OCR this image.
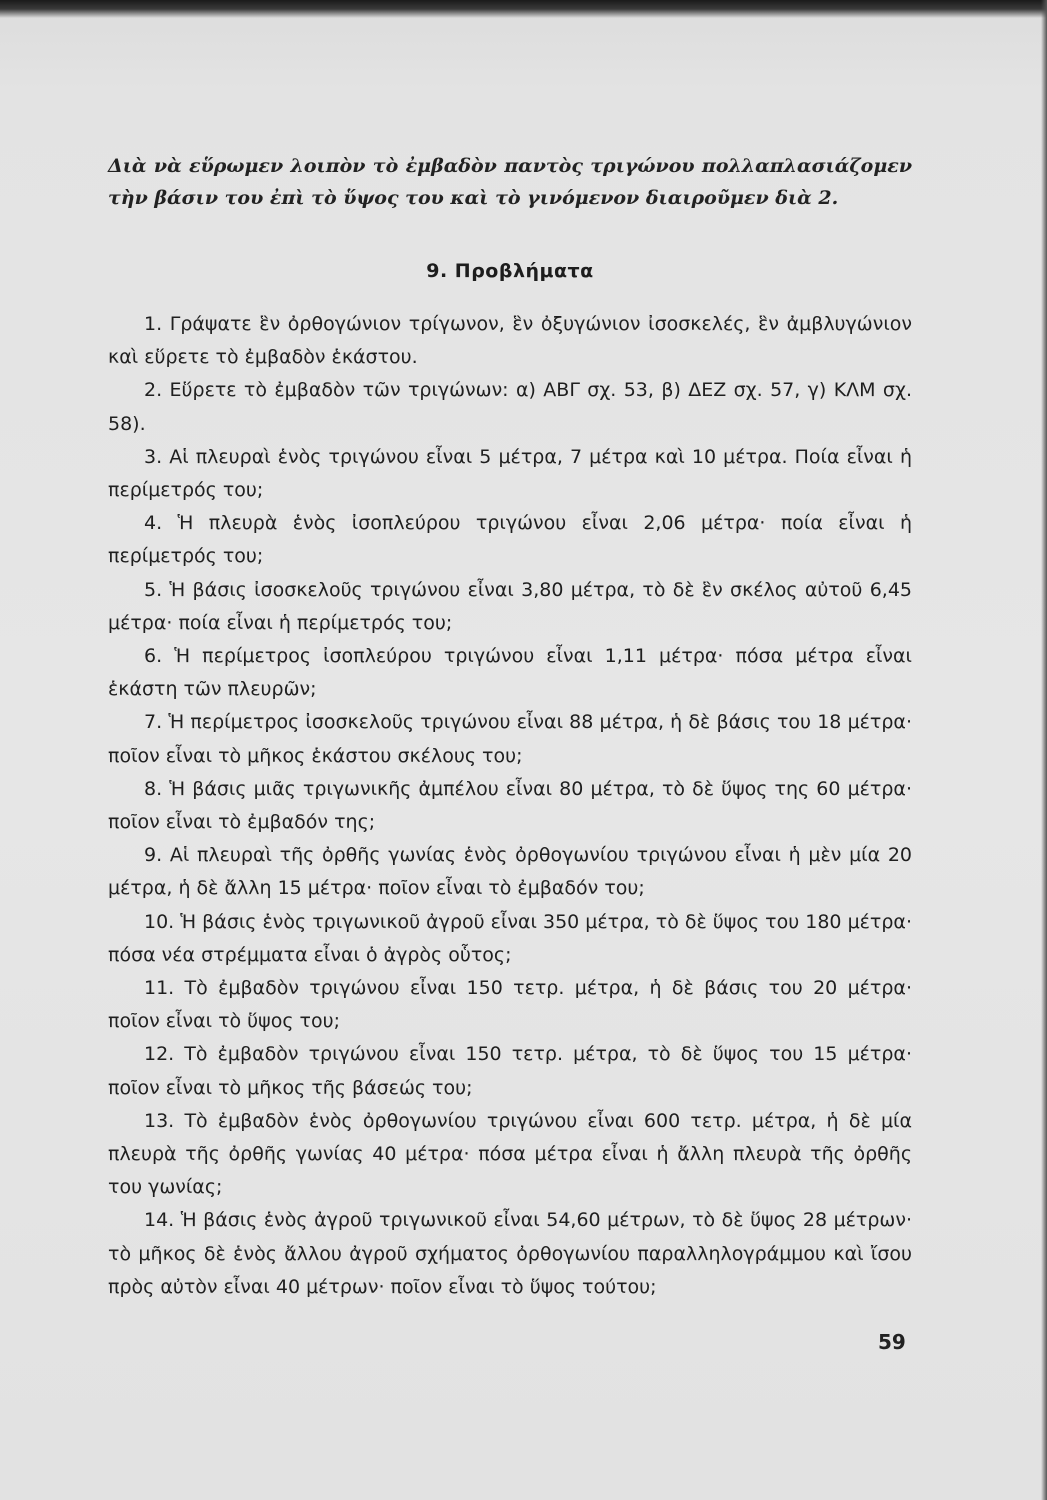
Διὰ νὰ εὕρωμεν λοιπὸν τὸ ἐμβαδὸν παντὸς τριγώνου πολλαπλασιάζομεν τὴν βάσιν του ἐπὶ τὸ ὕψος του καὶ τὸ γινόμενον διαιροῦμεν διὰ 2.

9. Προβλήματα

1. Γράψατε ἓν ὀρθογώνιον τρίγωνον, ἓν ὀξυγώνιον ἰσοσκελές, ἓν ἀμβλυγώνιον καὶ εὕρετε τὸ ἐμβαδὸν ἑκάστου.

2. Εὕρετε τὸ ἐμβαδὸν τῶν τριγώνων: α) ΑΒΓ σχ. 53, β) ΔΕΖ σχ. 57, γ) ΚΛΜ σχ. 58).

3. Αἱ πλευραὶ ἑνὸς τριγώνου εἶναι 5 μέτρα, 7 μέτρα καὶ 10 μέτρα. Ποία εἶναι ἡ περίμετρός του;

4. Ἡ πλευρὰ ἑνὸς ἰσοπλεύρου τριγώνου εἶναι 2,06 μέτρα· ποία εἶναι ἡ περίμετρός του;

5. Ἡ βάσις ἰσοσκελοῦς τριγώνου εἶναι 3,80 μέτρα, τὸ δὲ ἓν σκέλος αὐτοῦ 6,45 μέτρα· ποία εἶναι ἡ περίμετρός του;

6. Ἡ περίμετρος ἰσοπλεύρου τριγώνου εἶναι 1,11 μέτρα· πόσα μέτρα εἶναι ἑκάστη τῶν πλευρῶν;

7. Ἡ περίμετρος ἰσοσκελοῦς τριγώνου εἶναι 88 μέτρα, ἡ δὲ βάσις του 18 μέτρα· ποῖον εἶναι τὸ μῆκος ἑκάστου σκέλους του;

8. Ἡ βάσις μιᾶς τριγωνικῆς ἀμπέλου εἶναι 80 μέτρα, τὸ δὲ ὕψος της 60 μέτρα· ποῖον εἶναι τὸ ἐμβαδόν της;

9. Αἱ πλευραὶ τῆς ὀρθῆς γωνίας ἑνὸς ὀρθογωνίου τριγώνου εἶναι ἡ μὲν μία 20 μέτρα, ἡ δὲ ἄλλη 15 μέτρα· ποῖον εἶναι τὸ ἐμβαδόν του;

10. Ἡ βάσις ἑνὸς τριγωνικοῦ ἀγροῦ εἶναι 350 μέτρα, τὸ δὲ ὕψος του 180 μέτρα· πόσα νέα στρέμματα εἶναι ὁ ἀγρὸς οὗτος;

11. Τὸ ἐμβαδὸν τριγώνου εἶναι 150 τετρ. μέτρα, ἡ δὲ βάσις του 20 μέτρα· ποῖον εἶναι τὸ ὕψος του;

12. Τὸ ἐμβαδὸν τριγώνου εἶναι 150 τετρ. μέτρα, τὸ δὲ ὕψος του 15 μέτρα· ποῖον εἶναι τὸ μῆκος τῆς βάσεώς του;

13. Τὸ ἐμβαδὸν ἑνὸς ὀρθογωνίου τριγώνου εἶναι 600 τετρ. μέτρα, ἡ δὲ μία πλευρὰ τῆς ὀρθῆς γωνίας 40 μέτρα· πόσα μέτρα εἶναι ἡ ἄλλη πλευρὰ τῆς ὀρθῆς του γωνίας;

14. Ἡ βάσις ἑνὸς ἀγροῦ τριγωνικοῦ εἶναι 54,60 μέτρων, τὸ δὲ ὕψος 28 μέτρων· τὸ μῆκος δὲ ἑνὸς ἄλλου ἀγροῦ σχήματος ὀρθογωνίου παραλληλογράμμου καὶ ἴσου πρὸς αὐτὸν εἶναι 40 μέτρων· ποῖον εἶναι τὸ ὕψος τούτου;

59
